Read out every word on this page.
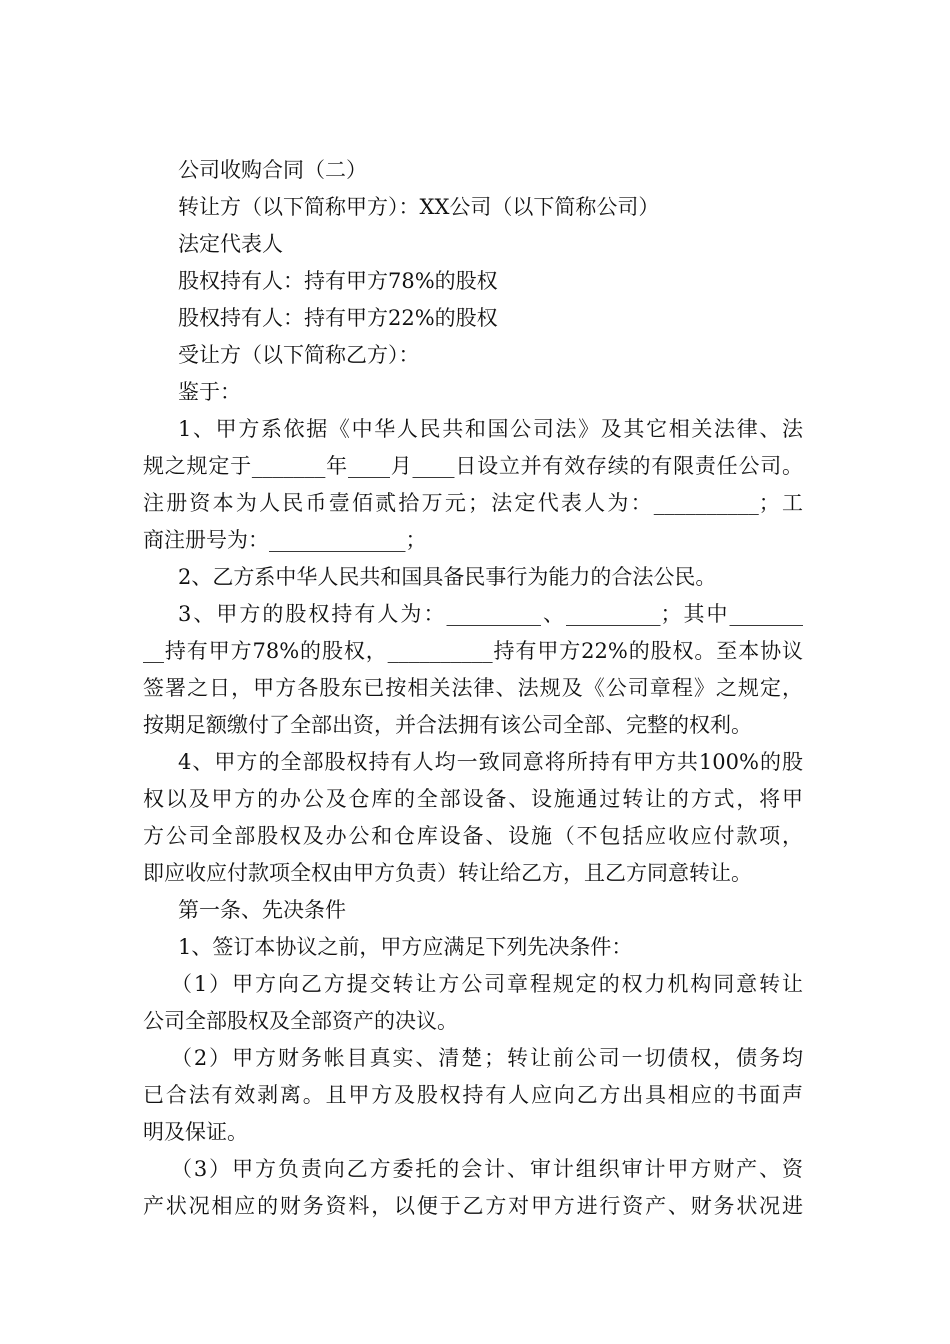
公司收购合同（二）
转让方（以下简称甲方）：XX公司（以下简称公司）
法定代表人
股权持有人：持有甲方78%的股权
股权持有人：持有甲方22%的股权
受让方（以下简称乙方）：
鉴于：
1、甲方系依据《中华人民共和国公司法》及其它相关法律、法
规之规定于_______年____月____日设立并有效存续的有限责任公司。
注册资本为人民币壹佰贰拾万元；法定代表人为：__________；工
商注册号为：_____________；
2、乙方系中华人民共和国具备民事行为能力的合法公民。
3、甲方的股权持有人为：_________、_________；其中_______
__持有甲方78%的股权，__________持有甲方22%的股权。至本协议
签署之日，甲方各股东已按相关法律、法规及《公司章程》之规定，
按期足额缴付了全部出资，并合法拥有该公司全部、完整的权利。
4、甲方的全部股权持有人均一致同意将所持有甲方共100%的股
权以及甲方的办公及仓库的全部设备、设施通过转让的方式，将甲
方公司全部股权及办公和仓库设备、设施（不包括应收应付款项，
即应收应付款项全权由甲方负责）转让给乙方，且乙方同意转让。
第一条、先决条件
1、签订本协议之前，甲方应满足下列先决条件：
（1）甲方向乙方提交转让方公司章程规定的权力机构同意转让
公司全部股权及全部资产的决议。
（2）甲方财务帐目真实、清楚；转让前公司一切债权，债务均
已合法有效剥离。且甲方及股权持有人应向乙方出具相应的书面声
明及保证。
（3）甲方负责向乙方委托的会计、审计组织审计甲方财产、资
产状况相应的财务资料，以便于乙方对甲方进行资产、财务状况进
